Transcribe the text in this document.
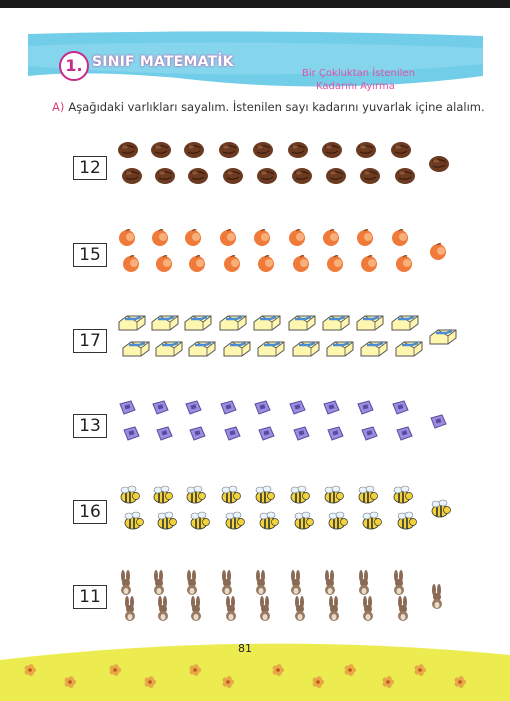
1. SINIF MATEMATİK
Bir Çokluktan İstenilen
Kadarını Ayırma
A) Aşağıdaki varlıkları sayalım. İstenilen sayı kadarını yuvarlak içine alalım.
12
15
17
13
16
11
81
